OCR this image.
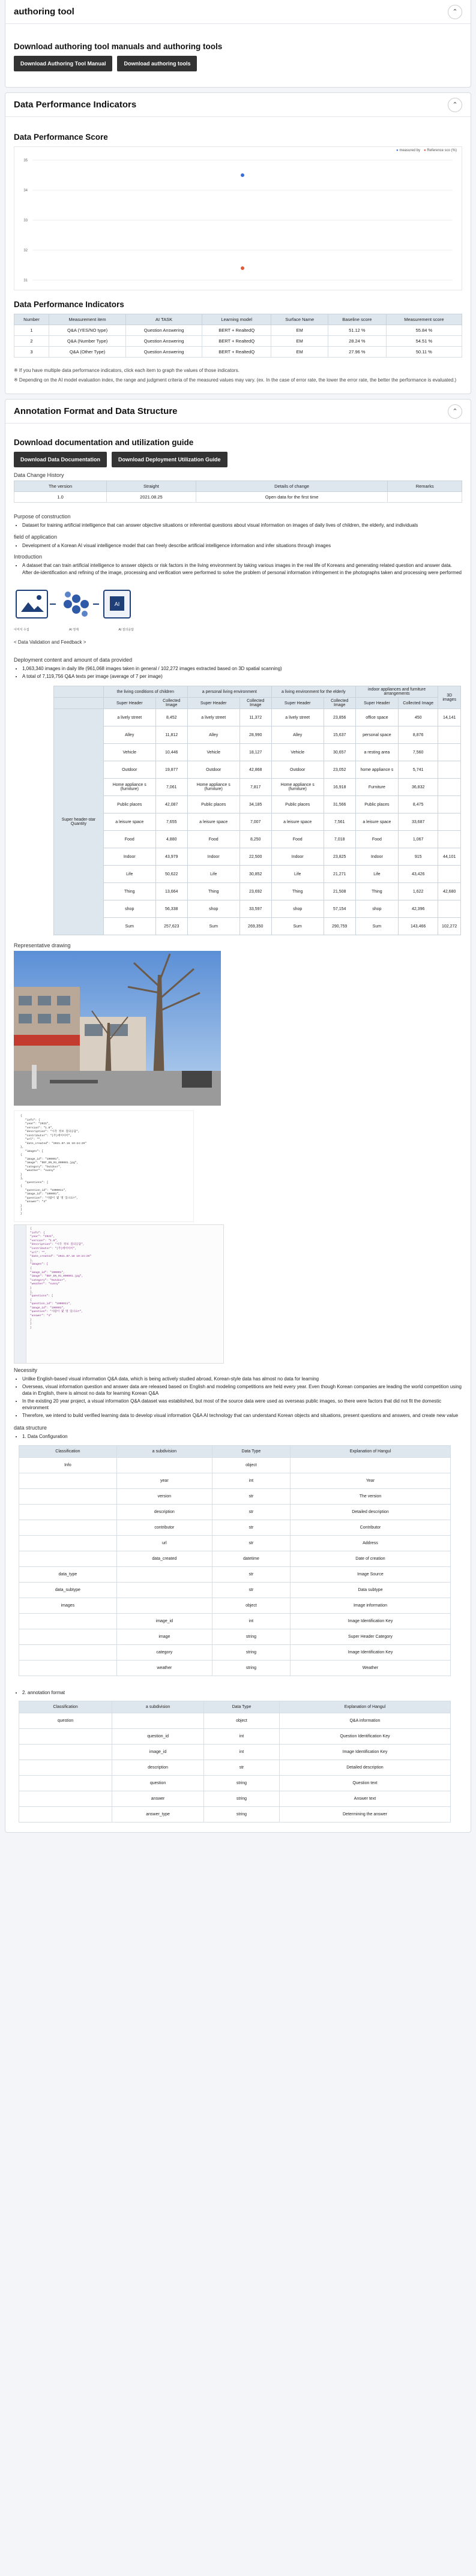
authoring tool	⌃
Download authoring tool manuals and authoring tools
Download Authoring Tool Manual	Download authoring tools
Data Performance Indicators	⌃
Data Performance Score
31
32
33
34
35
● measured by ● Reference sco (%)
Data Performance Indicators
Number	Measurement item	AI TASK	Learning model	Surface Name	Baseline score	Measurement score
1	Q&A (YES/NO type)	Question Answering	BERT + RealtedQ	EM	51.12 %	55.84 %
2	Q&A (Number Type)	Question Answering	BERT + RealtedQ	EM	28.24 %	54.51 %
3	Q&A (Other Type)	Question Answering	BERT + RealtedQ	EM	27.96 %	50.11 %

※ If you have multiple data performance indicators, click each item to graph the values of those indicators.

※ Depending on the AI model evaluation index, the range and judgment criteria of the measured values may vary. (ex. In the case of error rate, the lower the error rate, the better the performance is evaluated.)

Annotation Format and Data Structure	⌃
Download documentation and utilization guide
Download Data Documentation	Download Deployment Utilization Guide

Data Change History

The version	Straight	Details of change	Remarks
1.0	2021.08.25	Open data for the first time	

Purpose of construction

• Dataset for training artificial intelligence that can answer objective situations or inferential questions about visual information on images of daily lives of children, the elderly, and individuals

field of application

• Development of a Korean AI visual intelligence model that can freely describe artificial intelligence information and infer situations through images

Introduction

• A dataset that can train artificial intelligence to answer objects or risk factors in the living environment by taking various images in the real life of Koreans and generating related question and answer data. After de-identification and refining of the image, processing and verification were performed to solve the problem of personal information infringement in the photographs taken and processing were performed
AI
이미지 수집	AI 정제	AI 질의응답

< Data Validation and Feedback >

Deployment content and amount of data provided

• 1,063,340 images in daily life (961,068 images taken in general / 102,272 images extracted based on 3D spatial scanning)
• A total of 7,119,756 Q&A texts per image (average of 7 per image)
	the living conditions of children		a personal living environment		a living environment for the elderly		indoor appliances and furniture arrangements		3D images
	Super Header	Collected Image	Super Header	Collected Image	Super Header	Collected Image	Super Header	Collected Image	
Super header-star Quantity	a lively street	8,452	a lively street	11,372	a lively street	23,856	office space	450	14,141
	Alley	11,812	Alley	28,990	Alley	15,637	personal space	8,876	
	Vehicle	10,446	Vehicle	18,127	Vehicle	30,657	a resting area	7,560	
	Outdoor	19,877	Outdoor	42,868	Outdoor	23,052	home appliance s	5,741	
	Home appliance s (furniture)	7,061	Home appliance s (furniture)	7,817	Home appliance s (furniture)	16,918	Furniture	36,832	
	Public places	42,087	Public places	34,185	Public places	31,566	Public places	8,475	
	a leisure space	7,655	a leisure space	7,007	a leisure space	7,561	a leisure space	33,687	
	Food	4,880	Food	8,250	Food	7,018	Food	1,067	
	Indoor	43,979	Indoor	22,500	Indoor	23,825	Indoor	915	44,101
	Life	50,622	Life	30,852	Life	21,271	Life	43,426	
	Thing	13,664	Thing	23,692	Thing	21,508	Thing	1,622	42,680
	shop	56,338	shop	33,597	shop	57,154	shop	42,396	
	Sum	257,623	Sum	269,350	Sum	290,759	Sum	143,466	102,272

Representative drawing

{
"info": {
"year": "2021",
"version": "1.0",
"description": "시각 정보 질의응답",
"contributor": "(주)에이아이",
"url": "",
"date_created": "2021.07.16 10:24:29"
},
"images": [
{
"image_id": "100001",
"image": "DEF_EN_01_000001.jpg",
"category": "Outdoor",
"weather": "sunny"
}
],
"questions": [
{
"question_id": "1000011",
"image_id": "100001",
"question": "사람이 몇 명 있나요?",
"answer": "4"
}
]
}
{
"info": {
"year": "2021",
"version": "1.0",
"description": "시각 정보 질의응답",
"contributor": "(주)에이아이",
"url": "",
"date_created": "2021.07.16 10:24:29"
},
"images": [
{
"image_id": "100001",
"image": "DEF_EN_01_000001.jpg",
"category": "Outdoor",
"weather": "sunny"
}
],
"questions": [
{
"question_id": "1000011",
"image_id": "100001",
"question": "사람이 몇 명 있나요?",
"answer": "4"
}
]
}

Necessity

• Unlike English-based visual information Q&A data, which is being actively studied abroad, Korean-style data has almost no data for learning
• Overseas, visual information question and answer data are released based on English and modeling competitions are held every year. Even though Korean companies are leading the world competition using data in English, there is almost no data for learning Korean Q&A
• In the existing 20 year project, a visual information Q&A dataset was established, but most of the source data were used as overseas public images, so there were factors that did not fit the domestic environment
• Therefore, we intend to build verified learning data to develop visual information Q&A AI technology that can understand Korean objects and situations, present questions and answers, and create new value

data structure

• 1. Data Configuration
Classification	a subdivision	Data Type	Explanation of Hangul
Info		object	
	year	int	Year
	version	str	The version
	description	str	Detailed description
	contributor	str	Contributor
	url	str	Address
	data_created	datetime	Date of creation
data_type		str	Image Source
data_subtype		str	Data subtype
images		object	Image information
	image_id	int	Image Identification Key
	image	string	Super Header Category
	category	string	Image Identification Key
	weather	string	Weather
• 2. annotation format
Classification	a subdivision	Data Type	Explanation of Hangul
question		object	Q&A information
	question_id	int	Question Identification Key
	image_id	int	Image Identification Key
	description	str	Detailed description
	question	string	Question text
	answer	string	Answer text
	answer_type	string	Determining the answer
